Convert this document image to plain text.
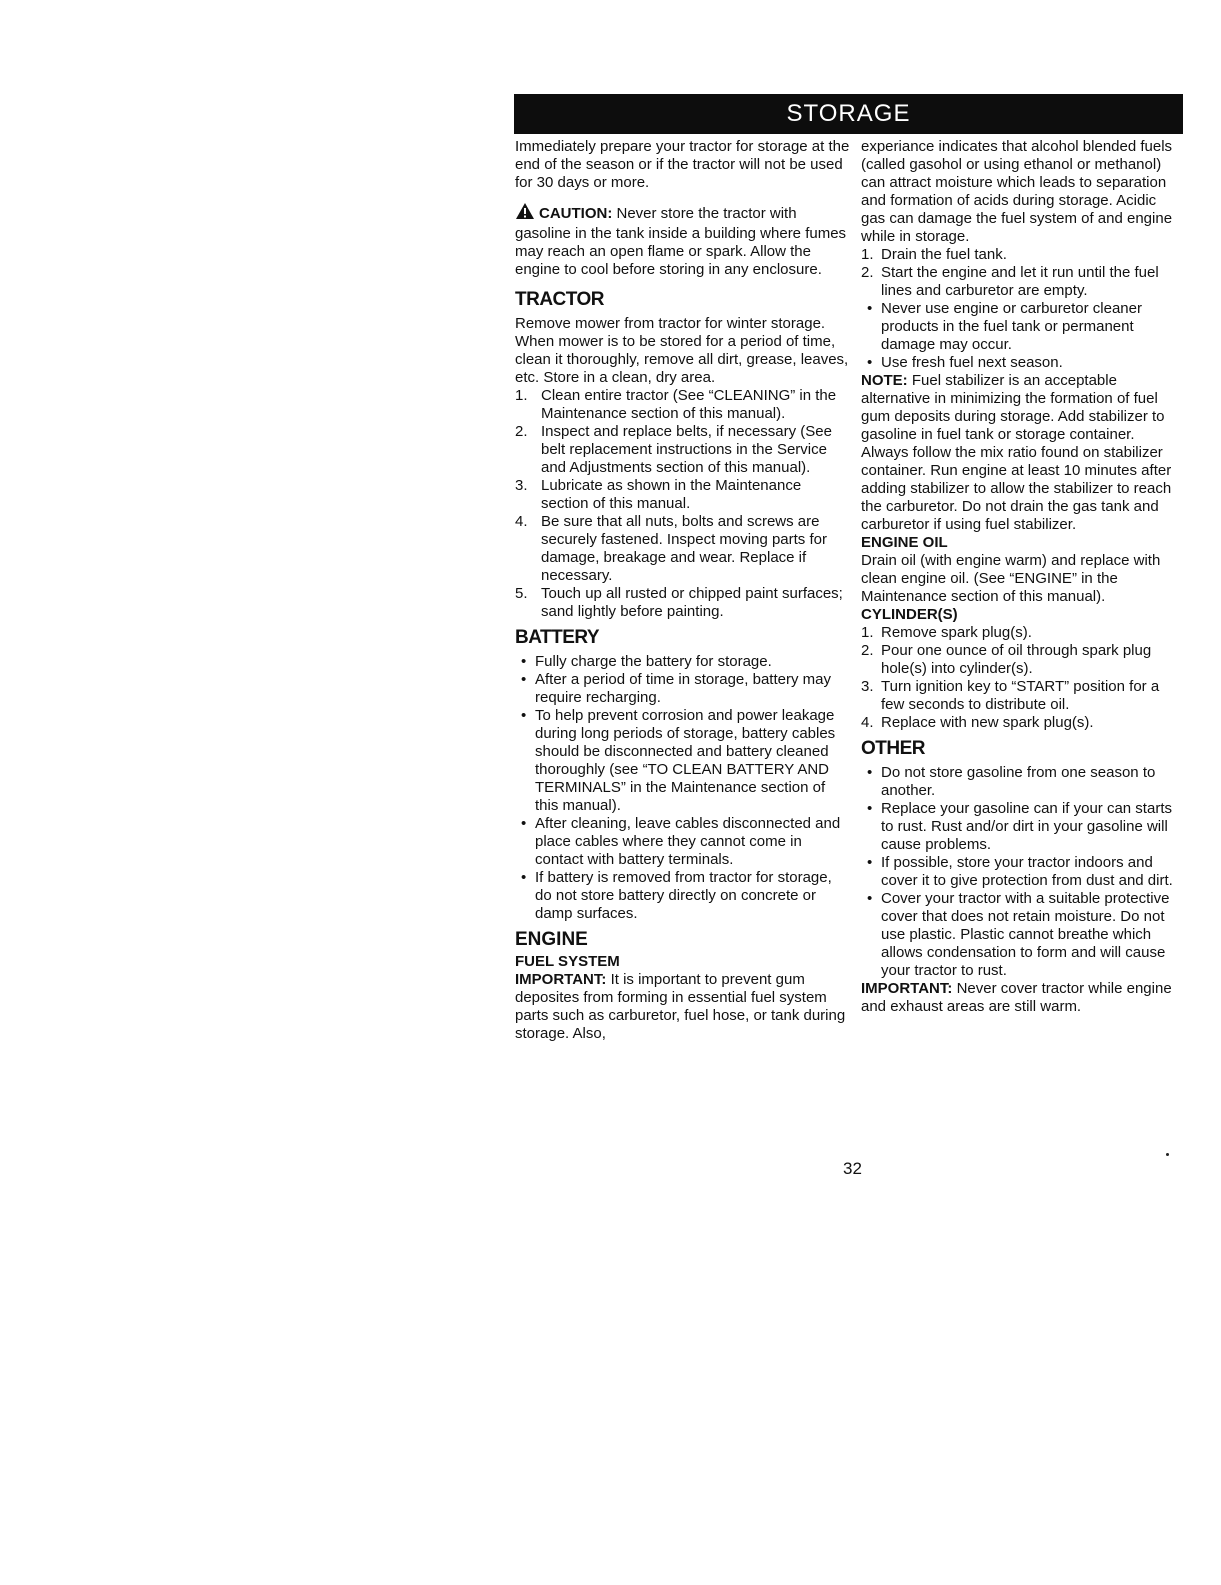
STORAGE

Immediately prepare your tractor for storage at the end of the season or if the tractor will not be used for 30 days or more.

CAUTION: Never store the tractor with gasoline in the tank inside a building where fumes may reach an open flame or spark. Allow the engine to cool before storing in any enclosure.

TRACTOR

Remove mower from tractor for winter storage. When mower is to be stored for a period of time, clean it thoroughly, remove all dirt, grease, leaves, etc. Store in a clean, dry area.

1. Clean entire tractor (See “CLEANING” in the Maintenance section of this manual).
2. Inspect and replace belts, if necessary (See belt replacement instructions in the Service and Adjustments section of this manual).
3. Lubricate as shown in the Maintenance section of this manual.
4. Be sure that all nuts, bolts and screws are securely fastened. Inspect moving parts for damage, breakage and wear. Replace if necessary.
5. Touch up all rusted or chipped paint surfaces; sand lightly before painting.
BATTERY
• Fully charge the battery for storage.
• After a period of time in storage, battery may require recharging.
• To help prevent corrosion and power leakage during long periods of storage, battery cables should be disconnected and battery cleaned thoroughly (see “TO CLEAN BATTERY AND TERMINALS” in the Maintenance section of this manual).
• After cleaning, leave cables disconnected and place cables where they cannot come in contact with battery terminals.
• If battery is removed from tractor for storage, do not store battery directly on concrete or damp surfaces.
ENGINE
FUEL SYSTEM

IMPORTANT: It is important to prevent gum deposites from forming in essential fuel system parts such as carburetor, fuel hose, or tank during storage. Also,

experiance indicates that alcohol blended fuels (called gasohol or using ethanol or methanol) can attract moisture which leads to separation and formation of acids during storage. Acidic gas can damage the fuel system of and engine while in storage.

1. Drain the fuel tank.
2. Start the engine and let it run until the fuel lines and carburetor are empty.
• Never use engine or carburetor cleaner products in the fuel tank or permanent damage may occur.
• Use fresh fuel next season.

NOTE: Fuel stabilizer is an acceptable alternative in minimizing the formation of fuel gum deposits during storage. Add stabilizer to gasoline in fuel tank or storage container. Always follow the mix ratio found on stabilizer container. Run engine at least 10 minutes after adding stabilizer to allow the stabilizer to reach the carburetor. Do not drain the gas tank and carburetor if using fuel stabilizer.

ENGINE OIL

Drain oil (with engine warm) and replace with clean engine oil. (See “ENGINE” in the Maintenance section of this manual).

CYLINDER(S)
1. Remove spark plug(s).
2. Pour one ounce of oil through spark plug hole(s) into cylinder(s).
3. Turn ignition key to “START” position for a few seconds to distribute oil.
4. Replace with new spark plug(s).
OTHER
• Do not store gasoline from one season to another.
• Replace your gasoline can if your can starts to rust. Rust and/or dirt in your gasoline will cause problems.
• If possible, store your tractor indoors and cover it to give protection from dust and dirt.
• Cover your tractor with a suitable protective cover that does not retain moisture. Do not use plastic. Plastic cannot breathe which allows condensation to form and will cause your tractor to rust.

IMPORTANT: Never cover tractor while engine and exhaust areas are still warm.

32
